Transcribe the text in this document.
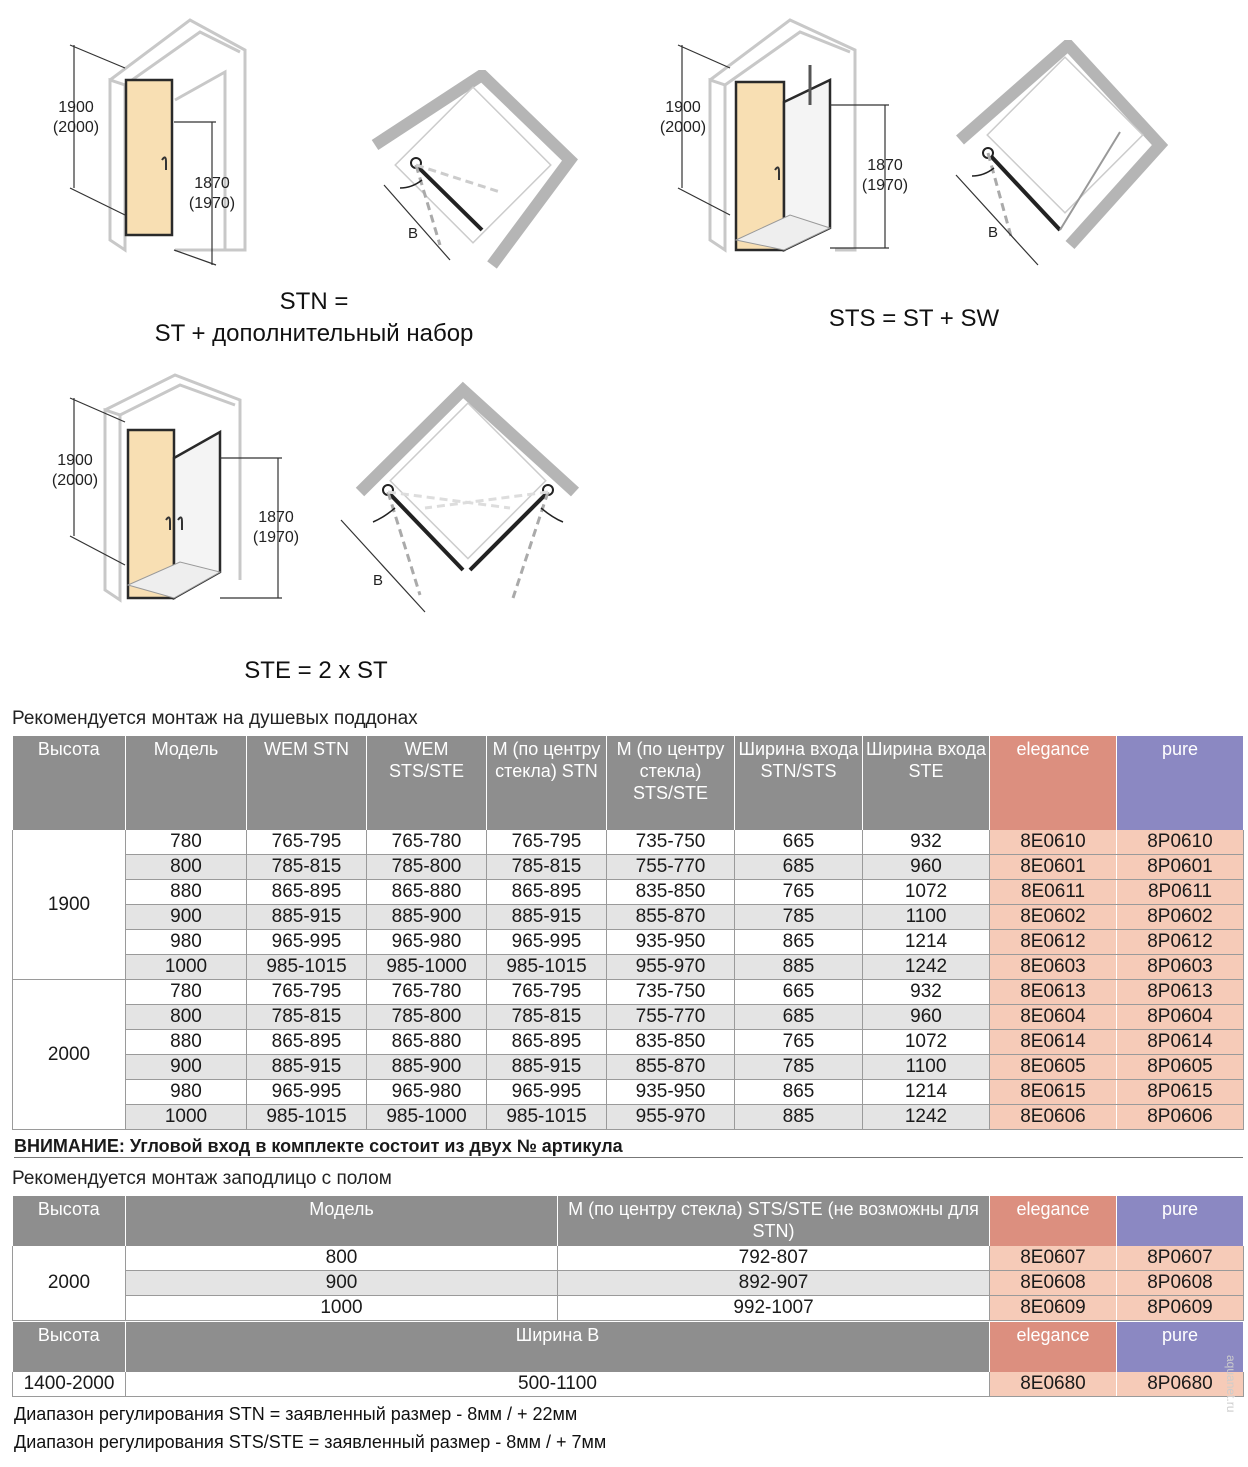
1900
(2000)
1870
(1970)
B
STN =
ST + дополнительный набор
1900
(2000)
1870
(1970)
B
STS = ST + SW
1900
(2000)
1870
(1970)
B
STE = 2 x ST
Рекомендуется монтаж на душевых поддонах
Высота	Модель	WEM STN	WEM STS/STE	M (по центру стекла) STN	M (по центру стекла) STS/STE	Ширина входа STN/STS	Ширина входа STE	elegance	pure
1900	780	765-795	765-780	765-795	735-750	665	932	8E0610	8P0610
	800	785-815	785-800	785-815	755-770	685	960	8E0601	8P0601
	880	865-895	865-880	865-895	835-850	765	1072	8E0611	8P0611
	900	885-915	885-900	885-915	855-870	785	1100	8E0602	8P0602
	980	965-995	965-980	965-995	935-950	865	1214	8E0612	8P0612
	1000	985-1015	985-1000	985-1015	955-970	885	1242	8E0603	8P0603
2000	780	765-795	765-780	765-795	735-750	665	932	8E0613	8P0613
	800	785-815	785-800	785-815	755-770	685	960	8E0604	8P0604
	880	865-895	865-880	865-895	835-850	765	1072	8E0614	8P0614
	900	885-915	885-900	885-915	855-870	785	1100	8E0605	8P0605
	980	965-995	965-980	965-995	935-950	865	1214	8E0615	8P0615
	1000	985-1015	985-1000	985-1015	955-970	885	1242	8E0606	8P0606
ВНИМАНИЕ: Угловой вход в комплекте состоит из двух № артикула
Рекомендуется монтаж заподлицо с полом
Высота	Модель	M (по центру стекла) STS/STE (не возможны для STN)	elegance	pure
2000	800	792-807	8E0607	8P0607
	900	892-907	8E0608	8P0608
	1000	992-1007	8E0609	8P0609
Высота	Ширина B	elegance	pure
1400-2000	500-1100	8E0680	8P0680
Диапазон регулирования STN = заявленный размер - 8мм / + 22мм
Диапазон регулирования STS/STE = заявленный размер - 8мм / + 7мм
aquanet.ru
